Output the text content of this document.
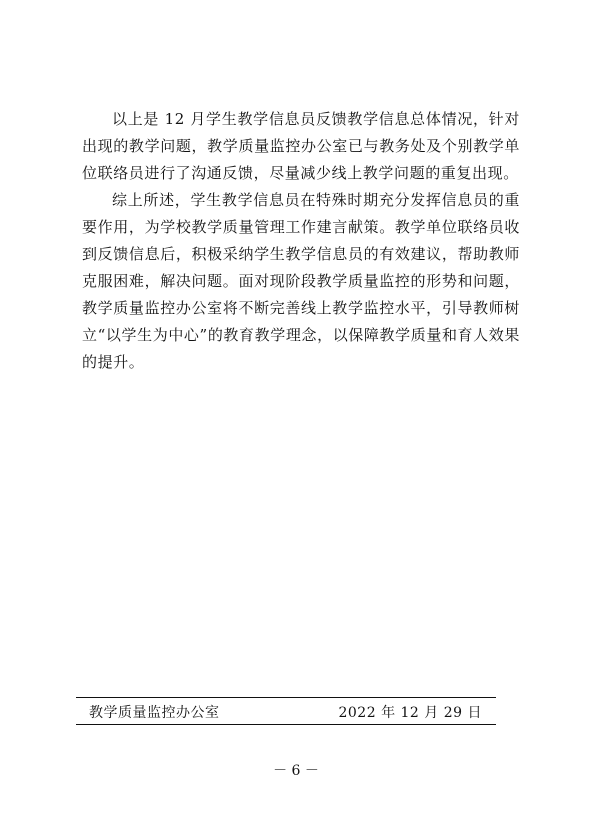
以上是 12 月学生教学信息员反馈教学信息总体情况，针对出现的教学问题，教学质量监控办公室已与教务处及个别教学单位联络员进行了沟通反馈，尽量减少线上教学问题的重复出现。

综上所述，学生教学信息员在特殊时期充分发挥信息员的重要作用，为学校教学质量管理工作建言献策。教学单位联络员收到反馈信息后，积极采纳学生教学信息员的有效建议，帮助教师克服困难，解决问题。面对现阶段教学质量监控的形势和问题，教学质量监控办公室将不断完善线上教学监控水平，引导教师树立“以学生为中心”的教育教学理念，以保障教学质量和育人效果的提升。

教学质量监控办公室	2022 年 12 月 29 日
－ 6 －
